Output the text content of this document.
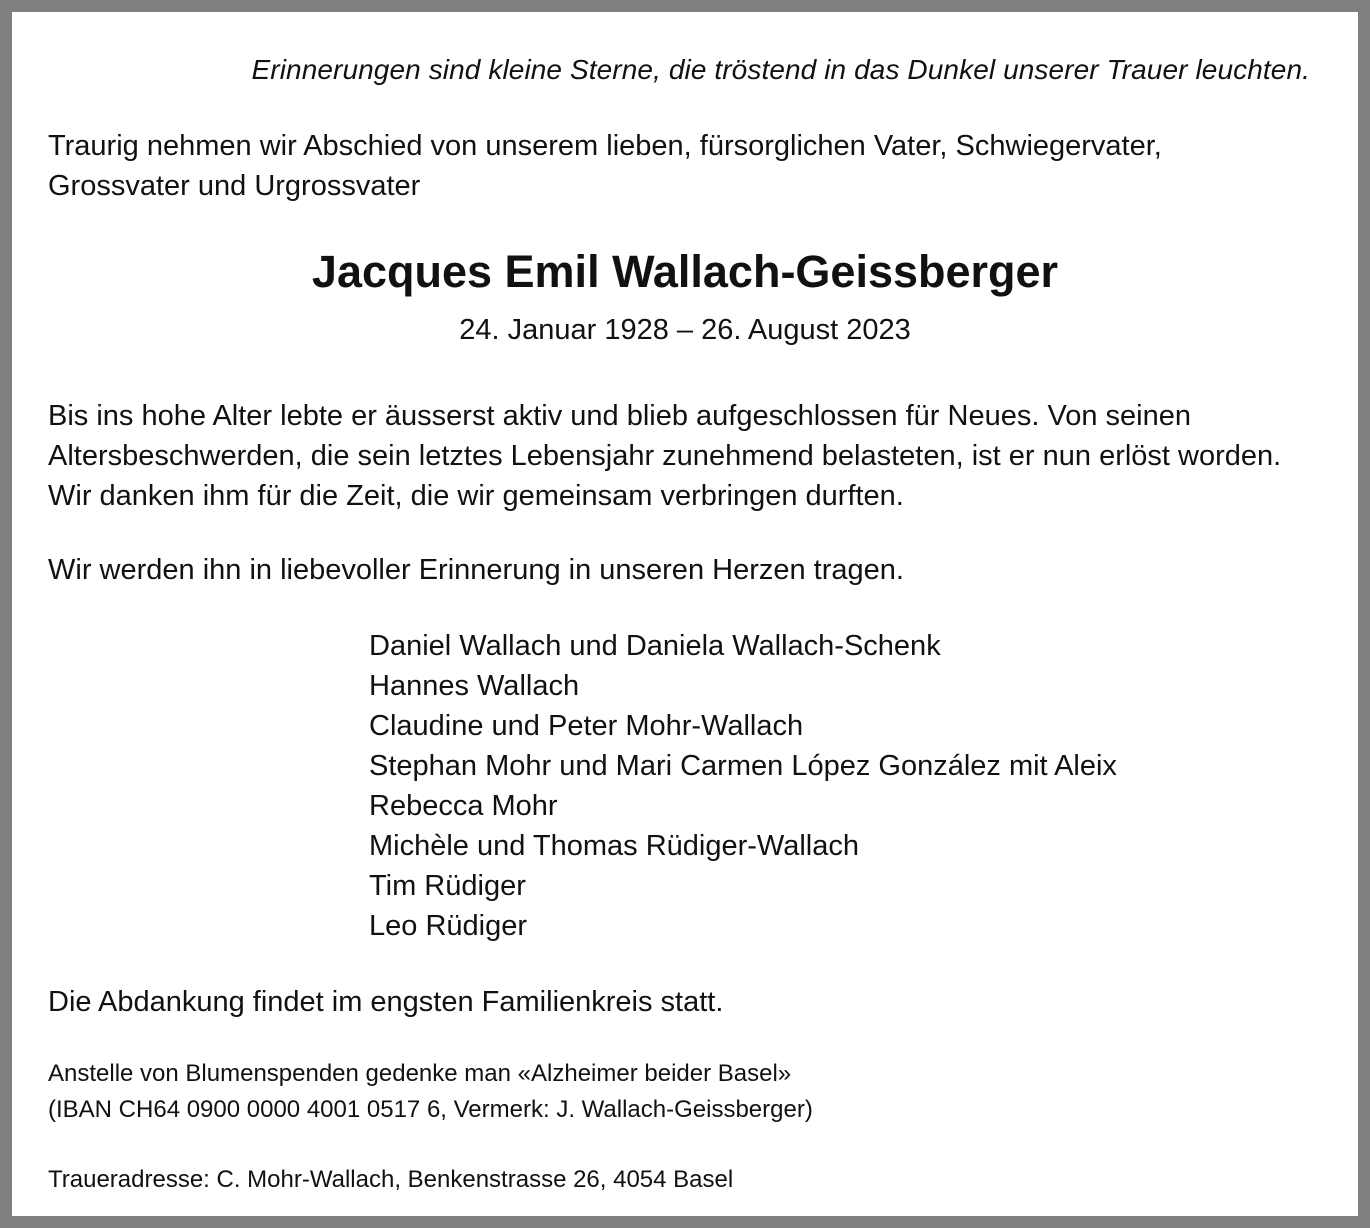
Erinnerungen sind kleine Sterne, die tröstend in das Dunkel unserer Trauer leuchten.
Traurig nehmen wir Abschied von unserem lieben, fürsorglichen Vater, Schwiegervater, Grossvater und Urgrossvater
Jacques Emil Wallach-Geissberger
24. Januar 1928 – 26. August 2023
Bis ins hohe Alter lebte er äusserst aktiv und blieb aufgeschlossen für Neues. Von seinen Altersbeschwerden, die sein letztes Lebensjahr zunehmend belasteten, ist er nun erlöst worden. Wir danken ihm für die Zeit, die wir gemeinsam verbringen durften.
Wir werden ihn in liebevoller Erinnerung in unseren Herzen tragen.
Daniel Wallach und Daniela Wallach-Schenk
Hannes Wallach
Claudine und Peter Mohr-Wallach
Stephan Mohr und Mari Carmen López González mit Aleix
Rebecca Mohr
Michèle und Thomas Rüdiger-Wallach
Tim Rüdiger
Leo Rüdiger
Die Abdankung findet im engsten Familienkreis statt.
Anstelle von Blumenspenden gedenke man «Alzheimer beider Basel»
(IBAN CH64 0900 0000 4001 0517 6, Vermerk: J. Wallach-Geissberger)
Traueradresse: C. Mohr-Wallach, Benkenstrasse 26, 4054 Basel
